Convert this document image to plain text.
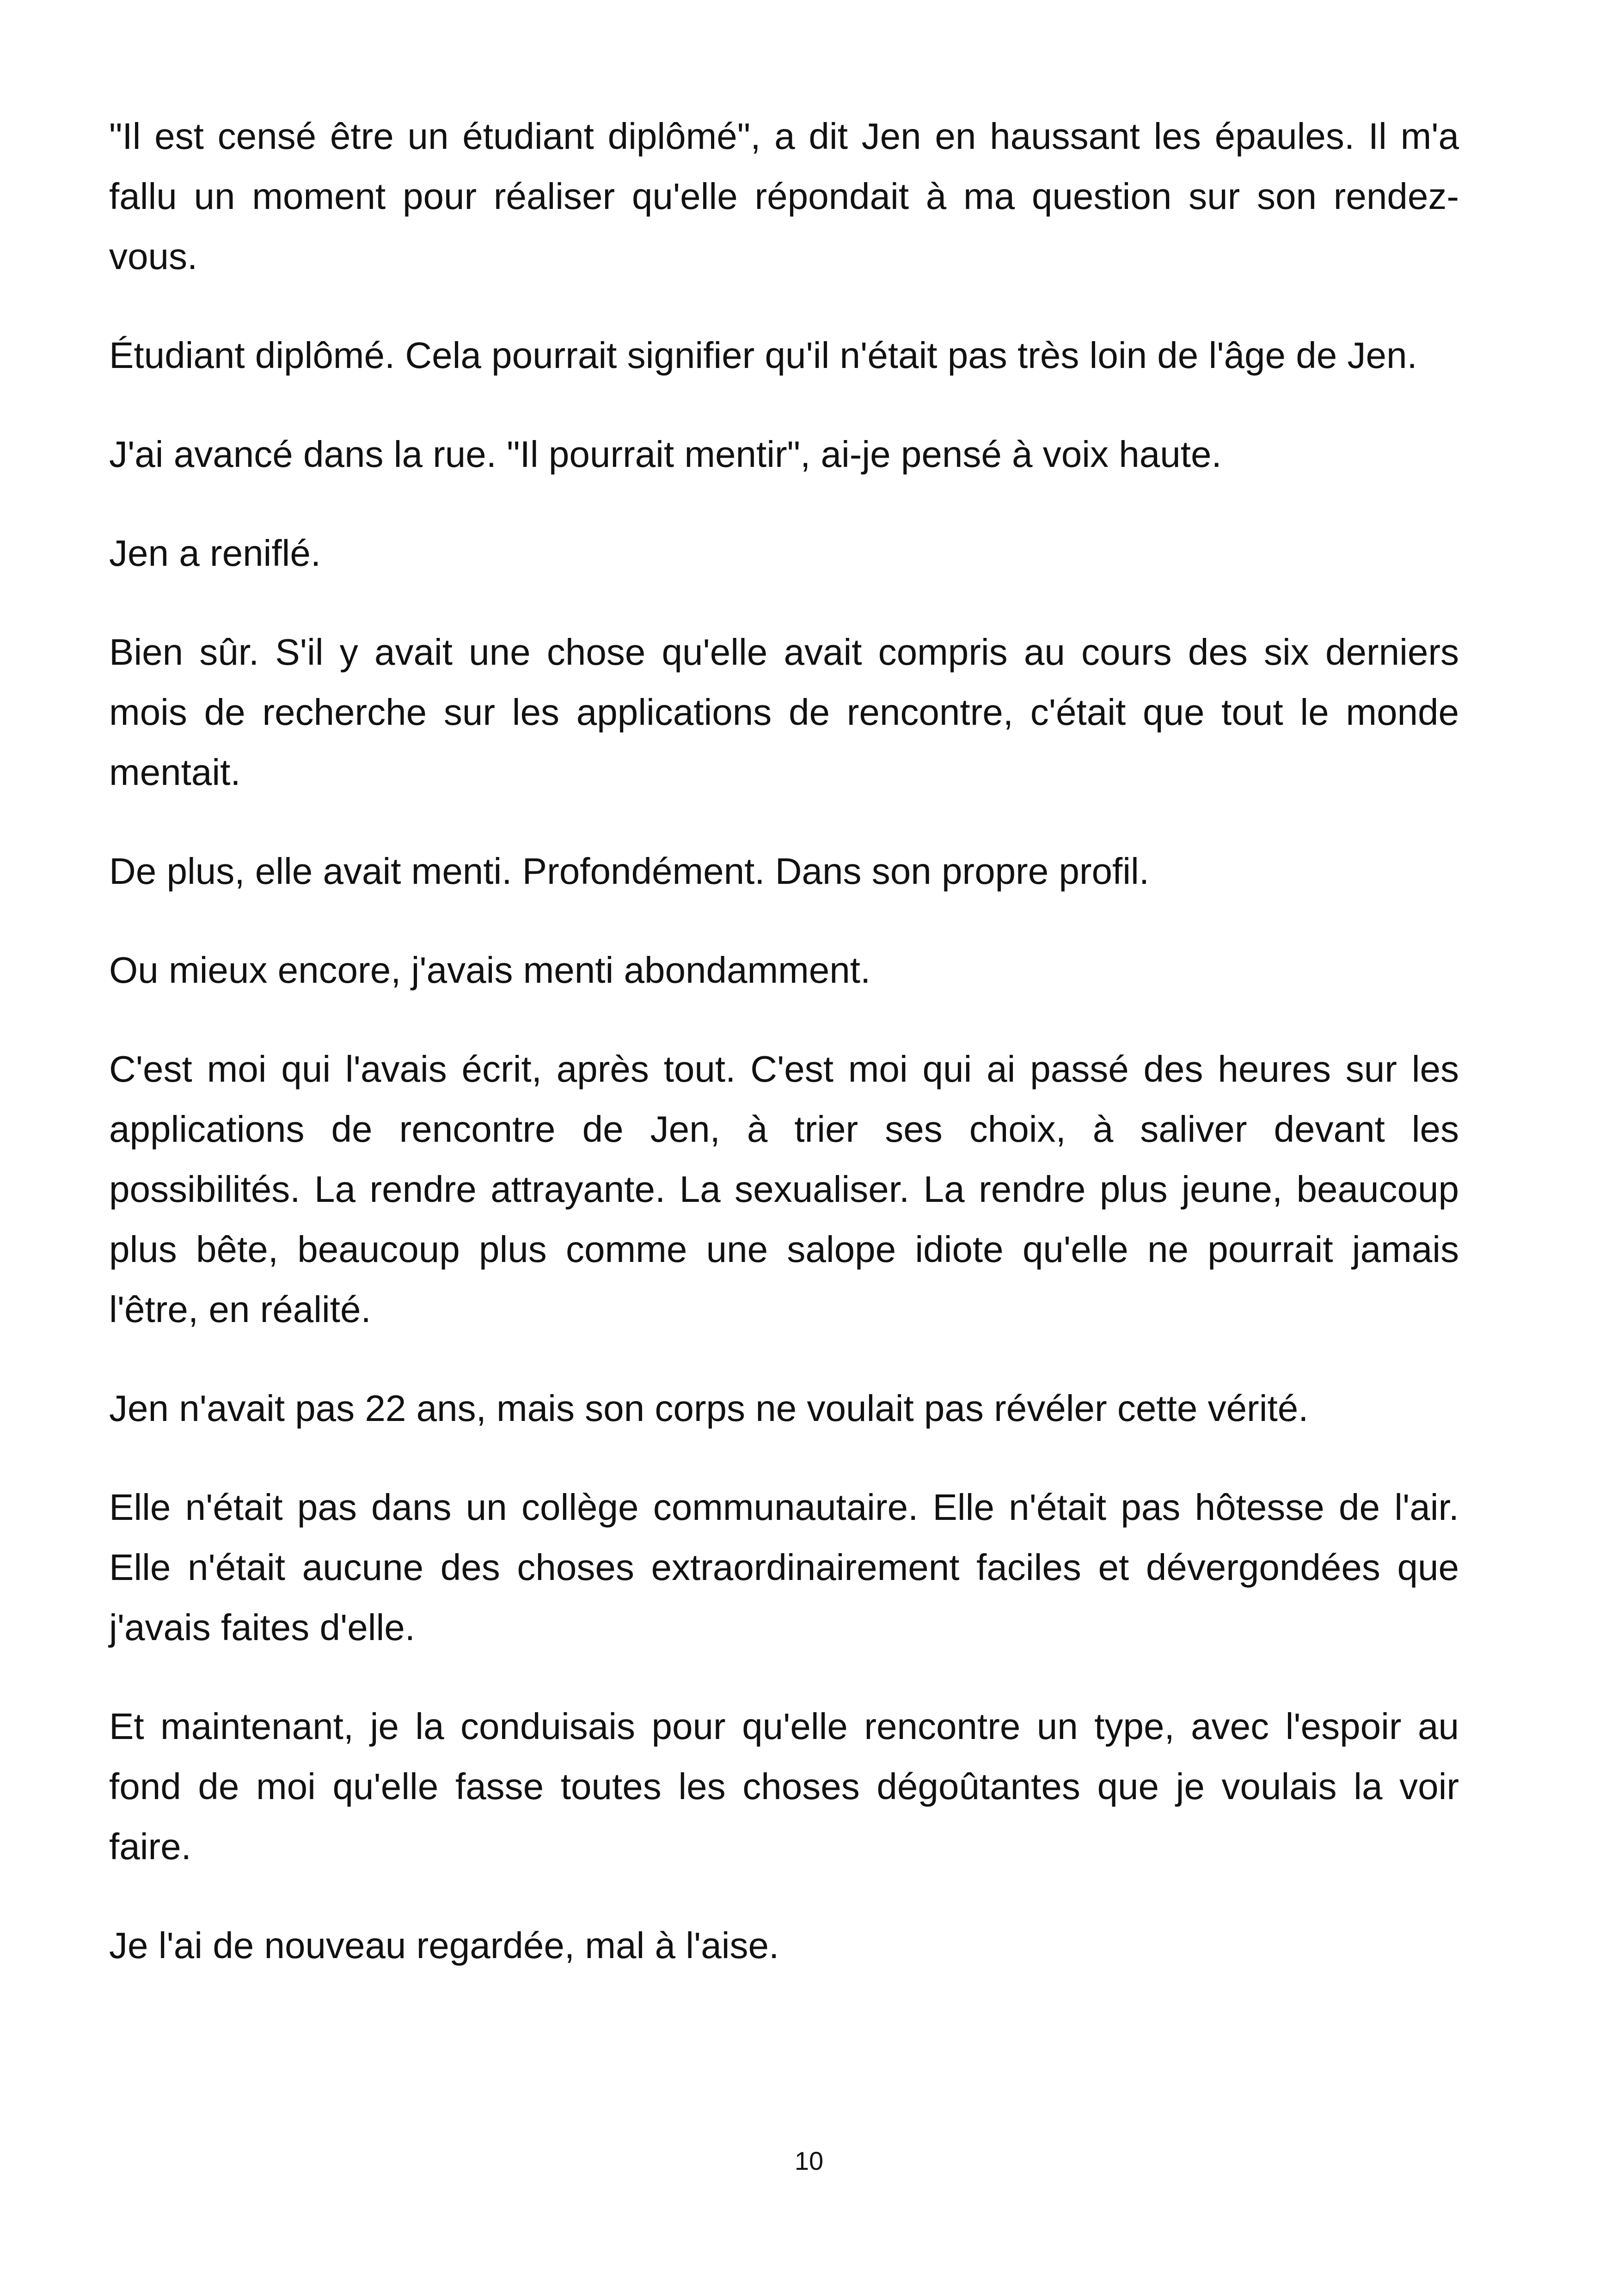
"Il est censé être un étudiant diplômé", a dit Jen en haussant les épaules. Il m'a fallu un moment pour réaliser qu'elle répondait à ma question sur son rendez-vous.

Étudiant diplômé. Cela pourrait signifier qu'il n'était pas très loin de l'âge de Jen.

J'ai avancé dans la rue. "Il pourrait mentir", ai-je pensé à voix haute.

Jen a reniflé.

Bien sûr. S'il y avait une chose qu'elle avait compris au cours des six derniers mois de recherche sur les applications de rencontre, c'était que tout le monde mentait.

De plus, elle avait menti. Profondément. Dans son propre profil.

Ou mieux encore, j'avais menti abondamment.

C'est moi qui l'avais écrit, après tout. C'est moi qui ai passé des heures sur les applications de rencontre de Jen, à trier ses choix, à saliver devant les possibilités. La rendre attrayante. La sexualiser. La rendre plus jeune, beaucoup plus bête, beaucoup plus comme une salope idiote qu'elle ne pourrait jamais l'être, en réalité.

Jen n'avait pas 22 ans, mais son corps ne voulait pas révéler cette vérité.

Elle n'était pas dans un collège communautaire. Elle n'était pas hôtesse de l'air. Elle n'était aucune des choses extraordinairement faciles et dévergondées que j'avais faites d'elle.

Et maintenant, je la conduisais pour qu'elle rencontre un type, avec l'espoir au fond de moi qu'elle fasse toutes les choses dégoûtantes que je voulais la voir faire.

Je l'ai de nouveau regardée, mal à l'aise.

10
